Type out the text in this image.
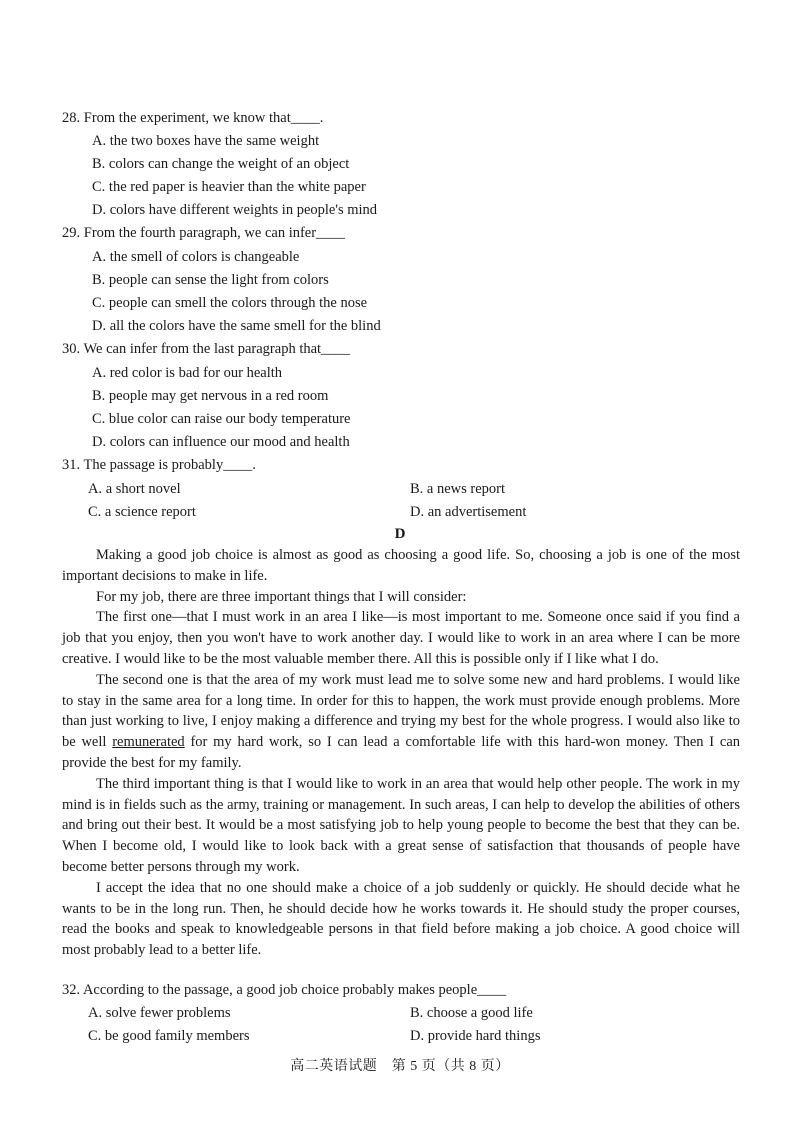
28. From the experiment, we know that____.
A. the two boxes have the same weight
B. colors can change the weight of an object
C. the red paper is heavier than the white paper
D. colors have different weights in people's mind
29. From the fourth paragraph, we can infer____
A. the smell of colors is changeable
B. people can sense the light from colors
C. people can smell the colors through the nose
D. all the colors have the same smell for the blind
30. We can infer from the last paragraph that____
A. red color is bad for our health
B. people may get nervous in a red room
C. blue color can raise our body temperature
D. colors can influence our mood and health
31. The passage is probably____.
A. a short novel	B. a news report
C. a science report	D. an advertisement
D

Making a good job choice is almost as good as choosing a good life. So, choosing a job is one of the most important decisions to make in life.

For my job, there are three important things that I will consider:

The first one—that I must work in an area I like—is most important to me. Someone once said if you find a job that you enjoy, then you won't have to work another day. I would like to work in an area where I can be more creative. I would like to be the most valuable member there. All this is possible only if I like what I do.

The second one is that the area of my work must lead me to solve some new and hard problems. I would like to stay in the same area for a long time. In order for this to happen, the work must provide enough problems. More than just working to live, I enjoy making a difference and trying my best for the whole progress. I would also like to be well remunerated for my hard work, so I can lead a comfortable life with this hard-won money. Then I can provide the best for my family.

The third important thing is that I would like to work in an area that would help other people. The work in my mind is in fields such as the army, training or management. In such areas, I can help to develop the abilities of others and bring out their best. It would be a most satisfying job to help young people to become the best that they can be. When I become old, I would like to look back with a great sense of satisfaction that thousands of people have become better persons through my work.

I accept the idea that no one should make a choice of a job suddenly or quickly. He should decide what he wants to be in the long run. Then, he should decide how he works towards it. He should study the proper courses, read the books and speak to knowledgeable persons in that field before making a job choice. A good choice will most probably lead to a better life.

32. According to the passage, a good job choice probably makes people____
A. solve fewer problems	B. choose a good life
C. be good family members	D. provide hard things
高二英语试题　第 5 页（共 8 页）
